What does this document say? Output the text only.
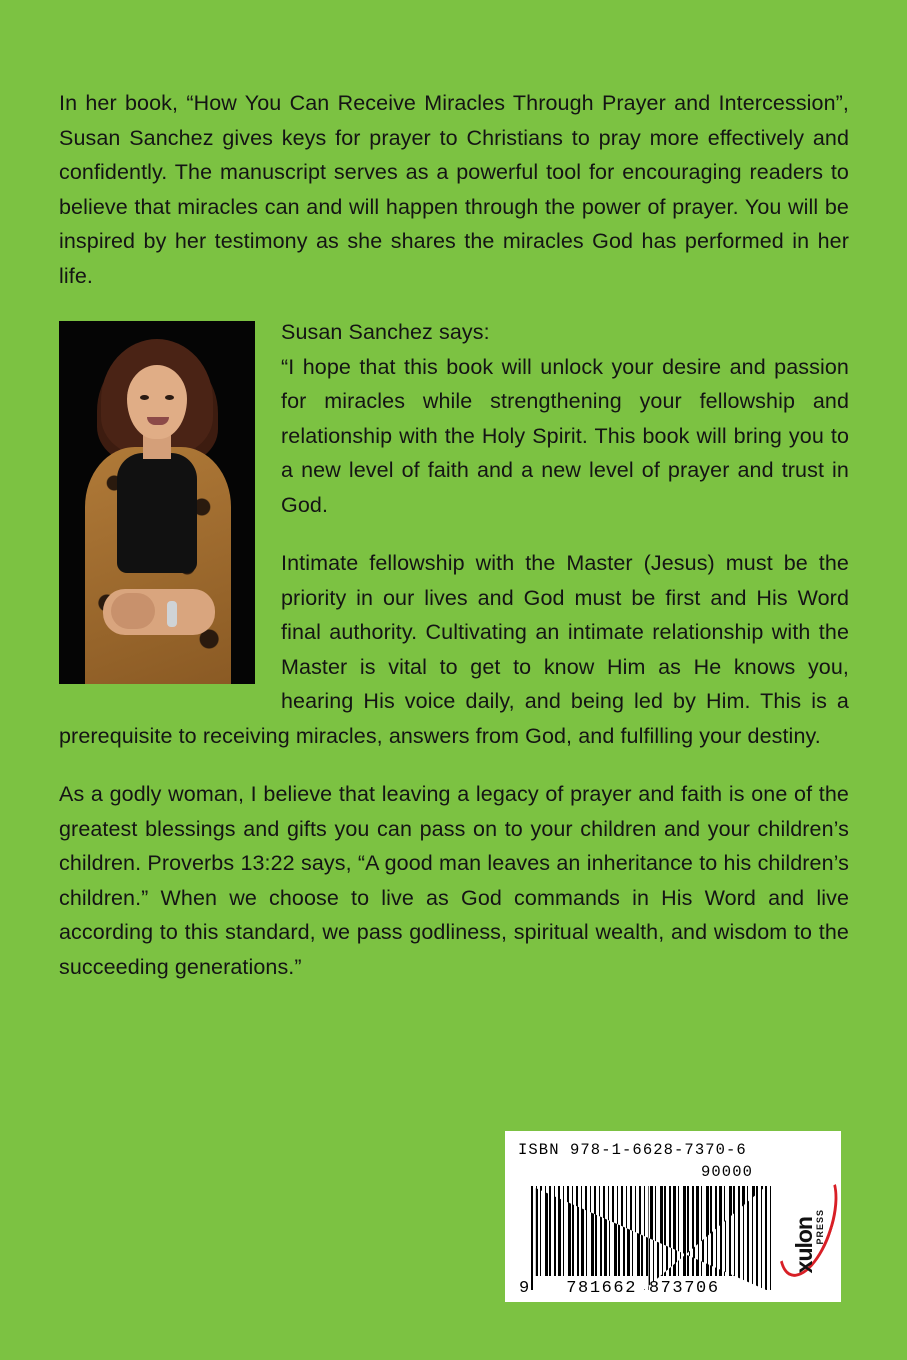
In her book, “How You Can Receive Miracles Through Prayer and Intercession”, Susan Sanchez gives keys for prayer to Christians to pray more effectively and confidently. The manuscript serves as a powerful tool for encouraging readers to believe that miracles can and will happen through the power of prayer. You will be inspired by her testimony as she shares the miracles God has performed in her life.

Susan Sanchez says:

“I hope that this book will unlock your desire and passion for miracles while strengthening your fellowship and relationship with the Holy Spirit. This book will bring you to a new level of faith and a new level of prayer and trust in God.

Intimate fellowship with the Master (Jesus) must be the priority in our lives and God must be first and His Word final authority. Cultivating an intimate relationship with the Master is vital to get to know Him as He knows you, hearing His voice daily, and being led by Him. This is a prerequisite to receiving miracles, answers from God, and fulfilling your destiny.

As a godly woman, I believe that leaving a legacy of prayer and faith is one of the greatest blessings and gifts you can pass on to your children and your children’s children. Proverbs 13:22 says, “A good man leaves an inheritance to his children’s children.” When we choose to live as God commands in His Word and live according to this standard, we pass godliness, spiritual wealth, and wisdom to the succeeding generations.”

ISBN 978-1-6628-7370-6
90000
9 781662 873706
xulon
PRESS
